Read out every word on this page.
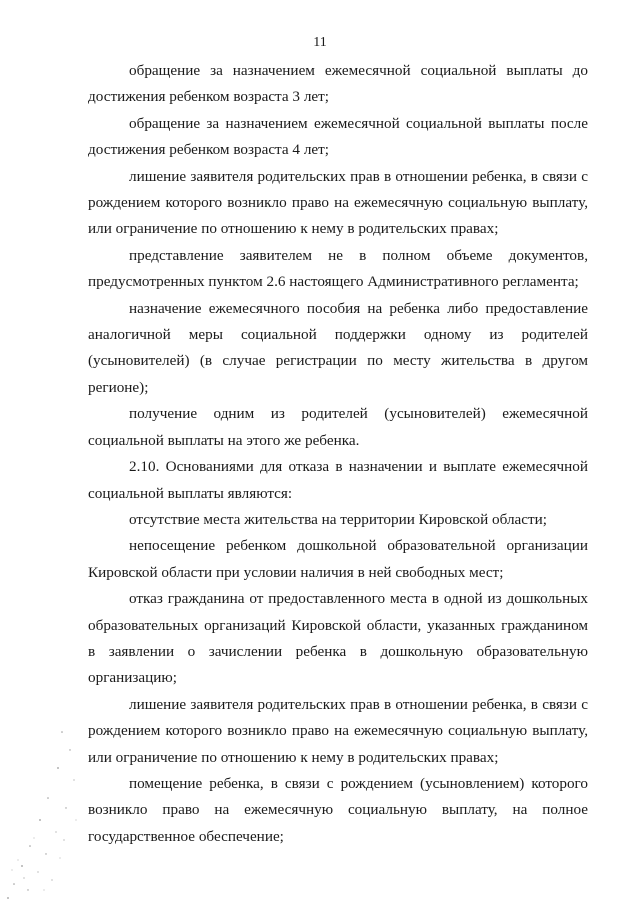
11

обращение за назначением ежемесячной социальной выплаты до достижения ребенком возраста 3 лет;

обращение за назначением ежемесячной социальной выплаты после достижения ребенком возраста 4 лет;

лишение заявителя родительских прав в отношении ребенка, в связи с рождением которого возникло право на ежемесячную социальную выплату, или ограничение по отношению к нему в родительских правах;

представление заявителем не в полном объеме документов, предусмотренных пунктом 2.6 настоящего Административного регламента;

назначение ежемесячного пособия на ребенка либо предоставление аналогичной меры социальной поддержки одному из родителей (усыновителей) (в случае регистрации по месту жительства в другом регионе);

получение одним из родителей (усыновителей) ежемесячной социальной выплаты на этого же ребенка.

2.10. Основаниями для отказа в назначении и выплате ежемесячной социальной выплаты являются:

отсутствие места жительства на территории Кировской области;

непосещение ребенком дошкольной образовательной организации Кировской области при условии наличия в ней свободных мест;

отказ гражданина от предоставленного места в одной из дошкольных образовательных организаций Кировской области, указанных гражданином в заявлении о зачислении ребенка в дошкольную образовательную организацию;

лишение заявителя родительских прав в отношении ребенка, в связи с рождением которого возникло право на ежемесячную социальную выплату, или ограничение по отношению к нему в родительских правах;

помещение ребенка, в связи с рождением (усыновлением) которого возникло право на ежемесячную социальную выплату, на полное государственное обеспечение;
